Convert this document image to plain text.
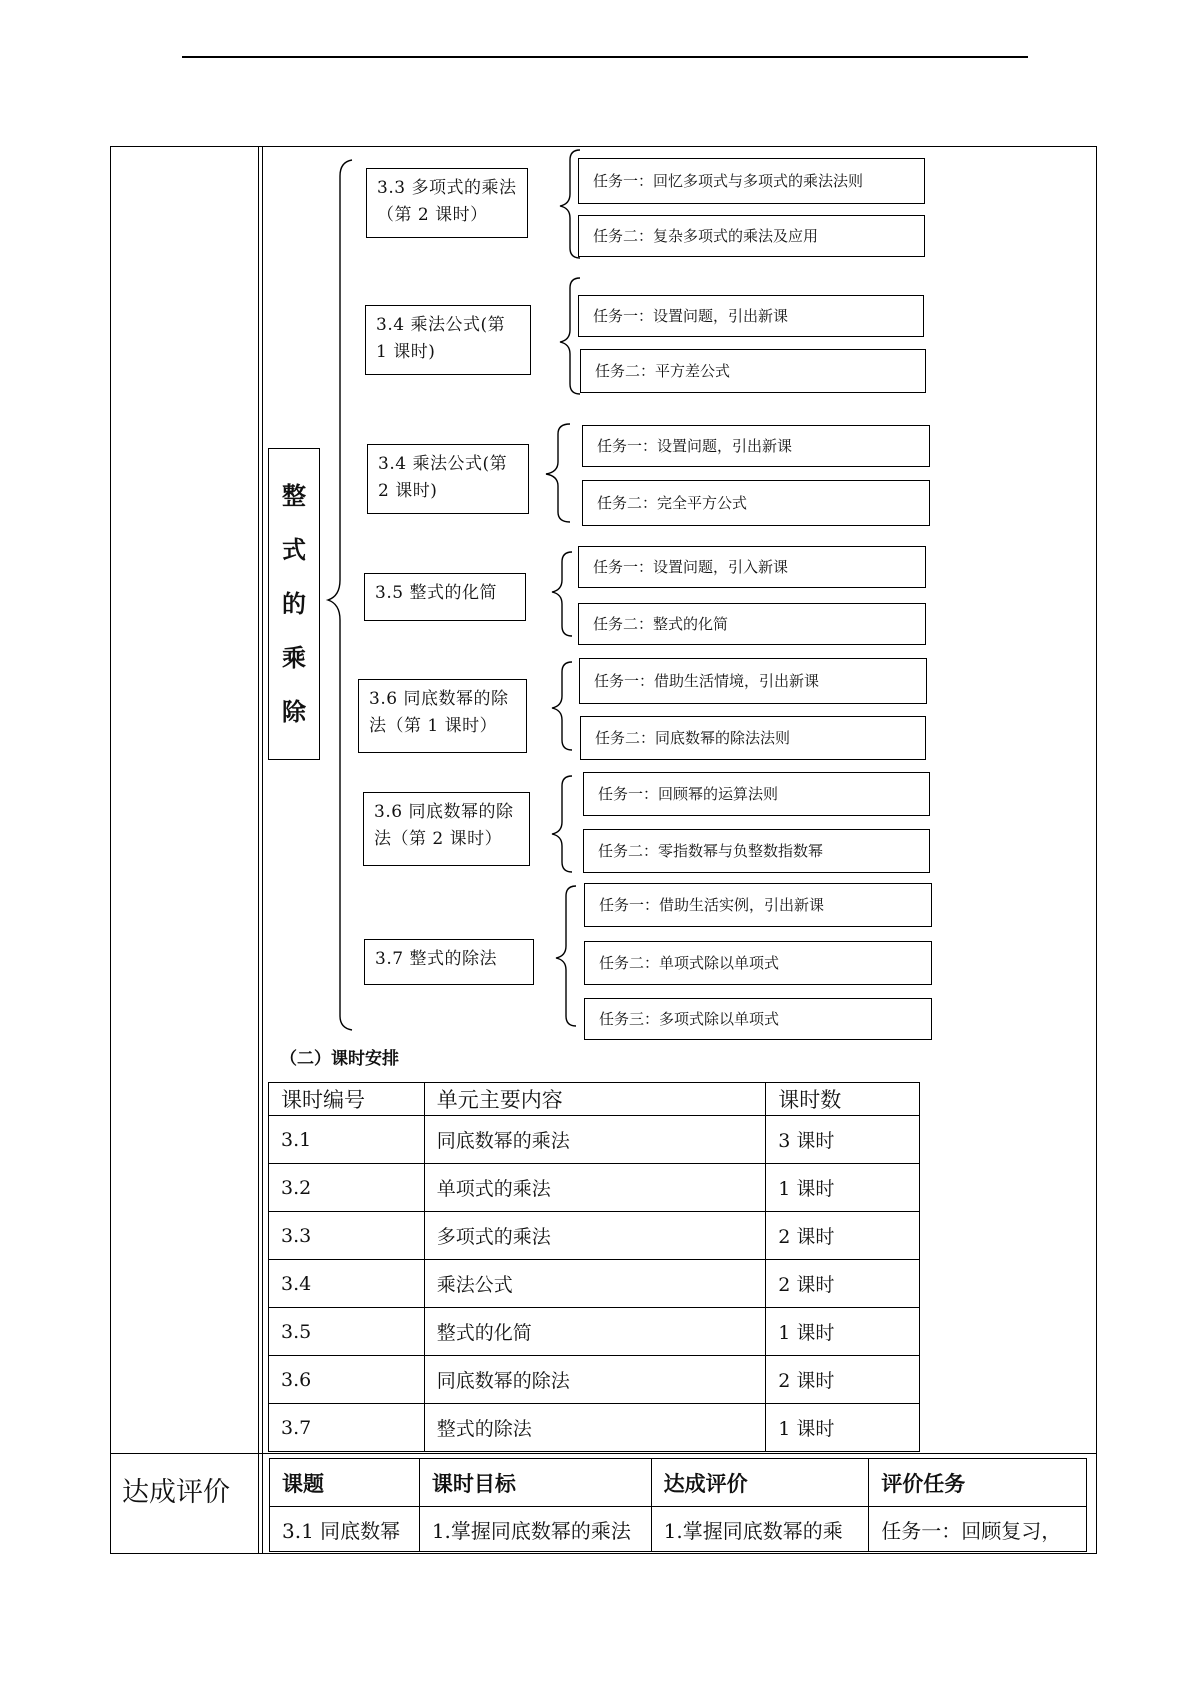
整
式
的
乘
除
3.3 多项式的乘法（第 2 课时）
3.4 乘法公式(第 1 课时)
3.4 乘法公式(第 2 课时)
3.5 整式的化简
3.6 同底数幂的除法（第 1 课时）
3.6 同底数幂的除法（第 2 课时）
3.7 整式的除法
任务一：回忆多项式与多项式的乘法法则
任务二：复杂多项式的乘法及应用
任务一：设置问题，引出新课
任务二：平方差公式
任务一：设置问题，引出新课
任务二：完全平方公式
任务一：设置问题，引入新课
任务二：整式的化简
任务一：借助生活情境，引出新课
任务二：同底数幂的除法法则
任务一：回顾幂的运算法则
任务二：零指数幂与负整数指数幂
任务一：借助生活实例，引出新课
任务二：单项式除以单项式
任务三：多项式除以单项式
（二）课时安排
课时编号	单元主要内容	课时数
3.1	同底数幂的乘法	3 课时
3.2	单项式的乘法	1 课时
3.3	多项式的乘法	2 课时
3.4	乘法公式	2 课时
3.5	整式的化简	1 课时
3.6	同底数幂的除法	2 课时
3.7	整式的除法	1 课时
达成评价 课题	课时目标	达成评价	评价任务
3.1 同底数幂	1.掌握同底数幂的乘法	1.掌握同底数幂的乘	任务一：回顾复习，
